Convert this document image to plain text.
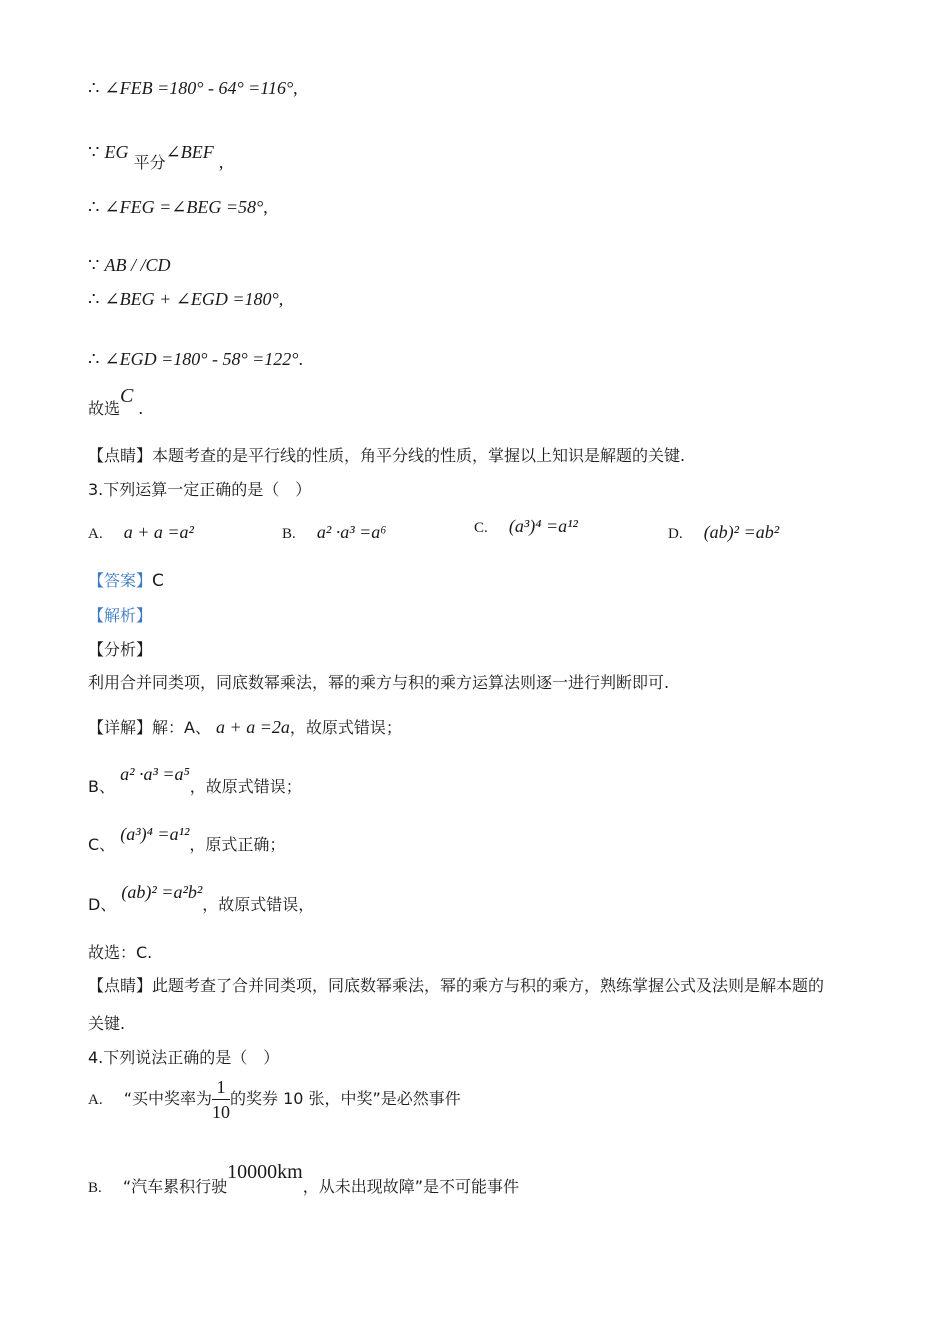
∴ ∠FEB =180° - 64° =116°,
∵ EG 平分∠BEF ,
∴ ∠FEG =∠BEG =58°,
∵ AB / /CD
∴ ∠BEG + ∠EGD =180°,
∴ ∠EGD =180° - 58° =122°.
故选C .
【点睛】本题考查的是平行线的性质，角平分线的性质，掌握以上知识是解题的关键.
3.下列运算一定正确的是（　）
A. a + a =a²	B. a² ·a³ =a⁶	C. (a³)⁴ =a¹²	D. (ab)² =ab²
【答案】C
【解析】
【分析】
利用合并同类项，同底数幂乘法，幂的乘方与积的乘方运算法则逐一进行判断即可.
【详解】解：A、 a + a =2a，故原式错误；
B、 a² ·a³ =a⁵，故原式错误；
C、 (a³)⁴ =a¹²，原式正确；
D、 (ab)² =a²b²，故原式错误，
故选：C.
【点睛】此题考查了合并同类项，同底数幂乘法，幂的乘方与积的乘方，熟练掌握公式及法则是解本题的
关键.
4.下列说法正确的是（　）
A. “买中奖率为 $\frac{1}{10}$ 的奖券 10 张，中奖”是必然事件
B. “汽车累积行驶10000km，从未出现故障”是不可能事件
